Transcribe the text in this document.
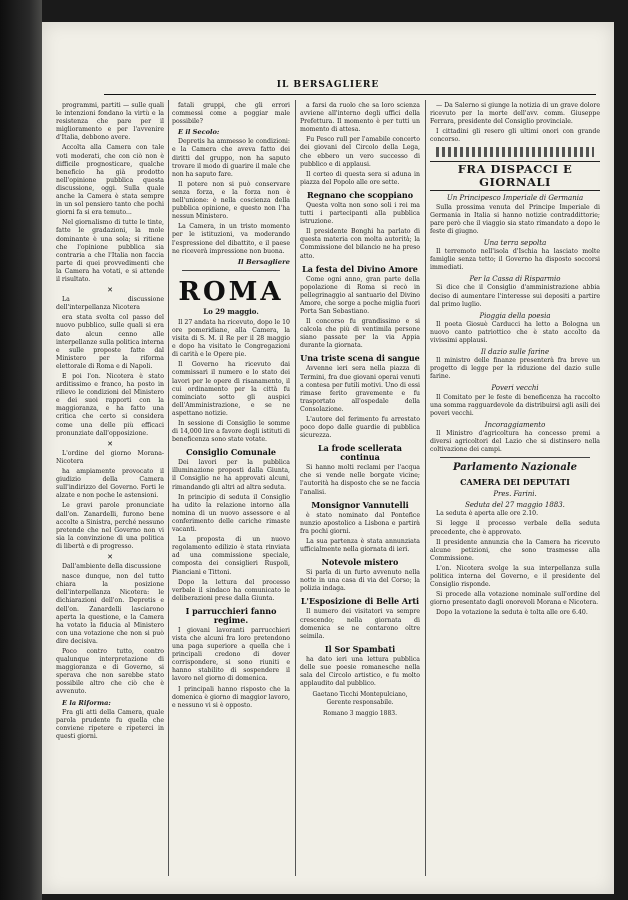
IL BERSAGLIERE

programmi, partiti — sulle quali le intenzioni fondano la virtù e la resistenza che pare per il miglioramento e per l'avvenire d'Italia, debbono avere.

Accolta alla Camera con tale voti moderati, che con ciò non è difficile prognosticare, qualche beneficio ha già prodotto nell'opinione pubblica questa discussione, oggi. Sulla quale anche la Camera è stata sempre in un sol pensiero tanto che pochi giorni fa si era temuto...

Nel giornalismo di tutte le tinte, fatte le gradazioni, la mole dominante è una sola; si ritiene che l'opinione pubblica sia contraria a che l'Italia non faccia parte di quei provvedimenti che la Camera ha votati, e si attende il risultato.

✕

La discussione dell'interpellanza Nicotera

era stata svolta col passo del nuovo pubblico, sulle quali si era dato alcun cenno alle interpellanze sulla politica interna e sulle proposte fatte dal Ministero per la riforma elettorale di Roma e di Napoli.

E poi l'on. Nicotera è stato arditissimo e franco, ha posto in rilievo le condizioni del Ministero e dei suoi rapporti con la maggioranza, e ha fatto una critica che certo si considera come una delle più efficaci pronunziate dall'opposizione.

✕

L'ordine del giorno Morana-Nicotera

ha ampiamente provocato il giudizio della Camera sull'indirizzo del Governo. Forti le alzate e non poche le astensioni.

Le gravi parole pronunciate dall'on. Zanardelli, furono bene accolte a Sinistra, perché nessuno pretende che nel Governo non vi sia la convinzione di una politica di libertà e di progresso.

✕

Dall'ambiente della discussione

nasce dunque, non del tutto chiara la posizione dell'interpellanza Nicotera: le dichiarazioni dell'on. Depretis e dell'on. Zanardelli lasciarono aperta la questione, e la Camera ha votato la fiducia al Ministero con una votazione che non si può dire decisiva.

Poco contro tutto, contro qualunque interpretazione di maggioranza e di Governo, si sperava che non sarebbe stato possibile altro che ciò che è avvenuto.

E la Riforma:

Fra gli atti della Camera, quale parola prudente fu quella che conviene ripetere e ripeterci in questi giorni.

fatali gruppi, che gli errori commessi come a poggiar male possibile?

E il Secolo:

Depretis ha ammesso le condizioni: e la Camera che aveva fatto dei diritti del gruppo, non ha saputo trovare il modo di guarire il male che non ha saputo fare.

Il potere non si può conservare senza forza, e la forza non è nell'unione: è nella coscienza della pubblica opinione, e questo non l'ha nessun Ministero.

La Camera, in un tristo momento per le istituzioni, va moderando l'espressione del dibattito, e il paese ne riceverà impressione non buona.

Il Bersagliere
ROMA
Lo 29 maggio.

Il 27 andata ha ricevuto, dopo le 10 ore pomeridiane, alla Camera, la visita di S. M. il Re per il 28 maggio e dopo ha visitato le Congregazioni di carità e le Opere pie.

Il Governo ha ricevuto dai commissari il numero e lo stato dei lavori per le opere di risanamento, il cui ordinamento per la città fu cominciato sotto gli auspici dell'Amministrazione, e se ne aspettano notizie.

In sessione di Consiglio le somme di 14,000 lire a favore degli istituti di beneficenza sono state votate.

Consiglio Comunale

Dei lavori per la pubblica illuminazione proposti dalla Giunta, il Consiglio ne ha approvati alcuni, rimandando gli altri ad altra seduta.

In principio di seduta il Consiglio ha udito la relazione intorno alla nomina di un nuovo assessore e al conferimento delle cariche rimaste vacanti.

La proposta di un nuovo regolamento edilizio è stata rinviata ad una commissione speciale, composta dei consiglieri Ruspoli, Pianciani e Tittoni.

Dopo la lettura del processo verbale il sindaco ha comunicato le deliberazioni prese dalla Giunta.

I parrucchieri fanno regime.

I giovani lavoranti parrucchieri vista che alcuni fra loro pretendono una paga superiore a quella che i principali credono di dover corrispondere, si sono riuniti e hanno stabilito di sospendere il lavoro nel giorno di domenica.

I principali hanno risposto che la domenica è giorno di maggior lavoro, e nessuno vi si è opposto.

a farsi da ruolo che sa loro scienza avviene all'interno degli uffici della Prefettura. Il momento è per tutti un momento di attesa.

Fu Pesco rull per l'amabile concerto dei giovani del Circolo della Lega, che ebbero un vero successo di pubblico e di applausi.

Il corteo di questa sera si aduna in piazza del Popolo alle ore sette.

Regnano che scoppiano

Questa volta non sono soli i rei ma tutti i partecipanti alla pubblica istruzione.

Il presidente Bonghi ha parlato di questa materia con molta autorità; la Commissione del bilancio ne ha preso atto.

La festa del Divino Amore

Come ogni anno, gran parte della popolazione di Roma si recò in pellegrinaggio al santuario del Divino Amore, che sorge a poche miglia fuori Porta San Sebastiano.

Il concorso fu grandissimo e si calcola che più di ventimila persone siano passate per la via Appia durante la giornata.

Una triste scena di sangue

Avvenne ieri sera nella piazza di Termini, fra due giovani operai venuti a contesa per futili motivi. Uno di essi rimase ferito gravemente e fu trasportato all'ospedale della Consolazione.

L'autore del ferimento fu arrestato poco dopo dalle guardie di pubblica sicurezza.

La frode scellerata continua

Si hanno molti reclami per l'acqua che si vende nelle borgate vicine; l'autorità ha disposto che se ne faccia l'analisi.

Monsignor Vannutelli

è stato nominato dal Pontefice nunzio apostolico a Lisbona e partirà fra pochi giorni.

La sua partenza è stata annunziata ufficialmente nella giornata di ieri.

Notevole mistero

Si parla di un furto avvenuto nella notte in una casa di via del Corso; la polizia indaga.

L'Esposizione di Belle Arti

Il numero dei visitatori va sempre crescendo; nella giornata di domenica se ne contarono oltre seimila.

Il Sor Spambati

ha dato ieri una lettura pubblica delle sue poesie romanesche nella sala del Circolo artistico, e fu molto applaudito dal pubblico.

Gaetano Ticchi Montepulciano, Gerente responsabile.
Romano 3 maggio 1883.

— Da Salerno si giunge la notizia di un grave dolore ricevuto per la morte dell'avv. comm. Giuseppe Ferrara, presidente del Consiglio provinciale.

I cittadini gli resero gli ultimi onori con grande concorso.

FRA DISPACCI E GIORNALI
Un Principesco Imperiale di Germania

Sulla prossima venuta del Principe Imperiale di Germania in Italia si hanno notizie contraddittorie; pare però che il viaggio sia stato rimandato a dopo le feste di giugno.

Una terra sepolta

Il terremoto nell'isola d'Ischia ha lasciato molte famiglie senza tetto; il Governo ha disposto soccorsi immediati.

Per la Cassa di Risparmio

Si dice che il Consiglio d'amministrazione abbia deciso di aumentare l'interesse sui depositi a partire dal primo luglio.

Pioggia della poesia

Il poeta Giosuè Carducci ha letto a Bologna un nuovo canto patriottico che è stato accolto da vivissimi applausi.

Il dazio sulle farine

Il ministro delle finanze presenterà fra breve un progetto di legge per la riduzione del dazio sulle farine.

Poveri vecchi

Il Comitato per le feste di beneficenza ha raccolto una somma ragguardevole da distribuirsi agli asili dei poveri vecchi.

Incoraggiamento

Il Ministro d'agricoltura ha concesso premi a diversi agricoltori del Lazio che si distinsero nella coltivazione dei campi.

Parlamento Nazionale
CAMERA DEI DEPUTATI
Pres. Farini.
Seduta del 27 maggio 1883.

La seduta è aperta alle ore 2.10.

Si legge il processo verbale della seduta precedente, che è approvato.

Il presidente annunzia che la Camera ha ricevuto alcune petizioni, che sono trasmesse alla Commissione.

L'on. Nicotera svolge la sua interpellanza sulla politica interna del Governo, e il presidente del Consiglio risponde.

Si procede alla votazione nominale sull'ordine del giorno presentato dagli onorevoli Morana e Nicotera.

Dopo la votazione la seduta è tolta alle ore 6.40.
